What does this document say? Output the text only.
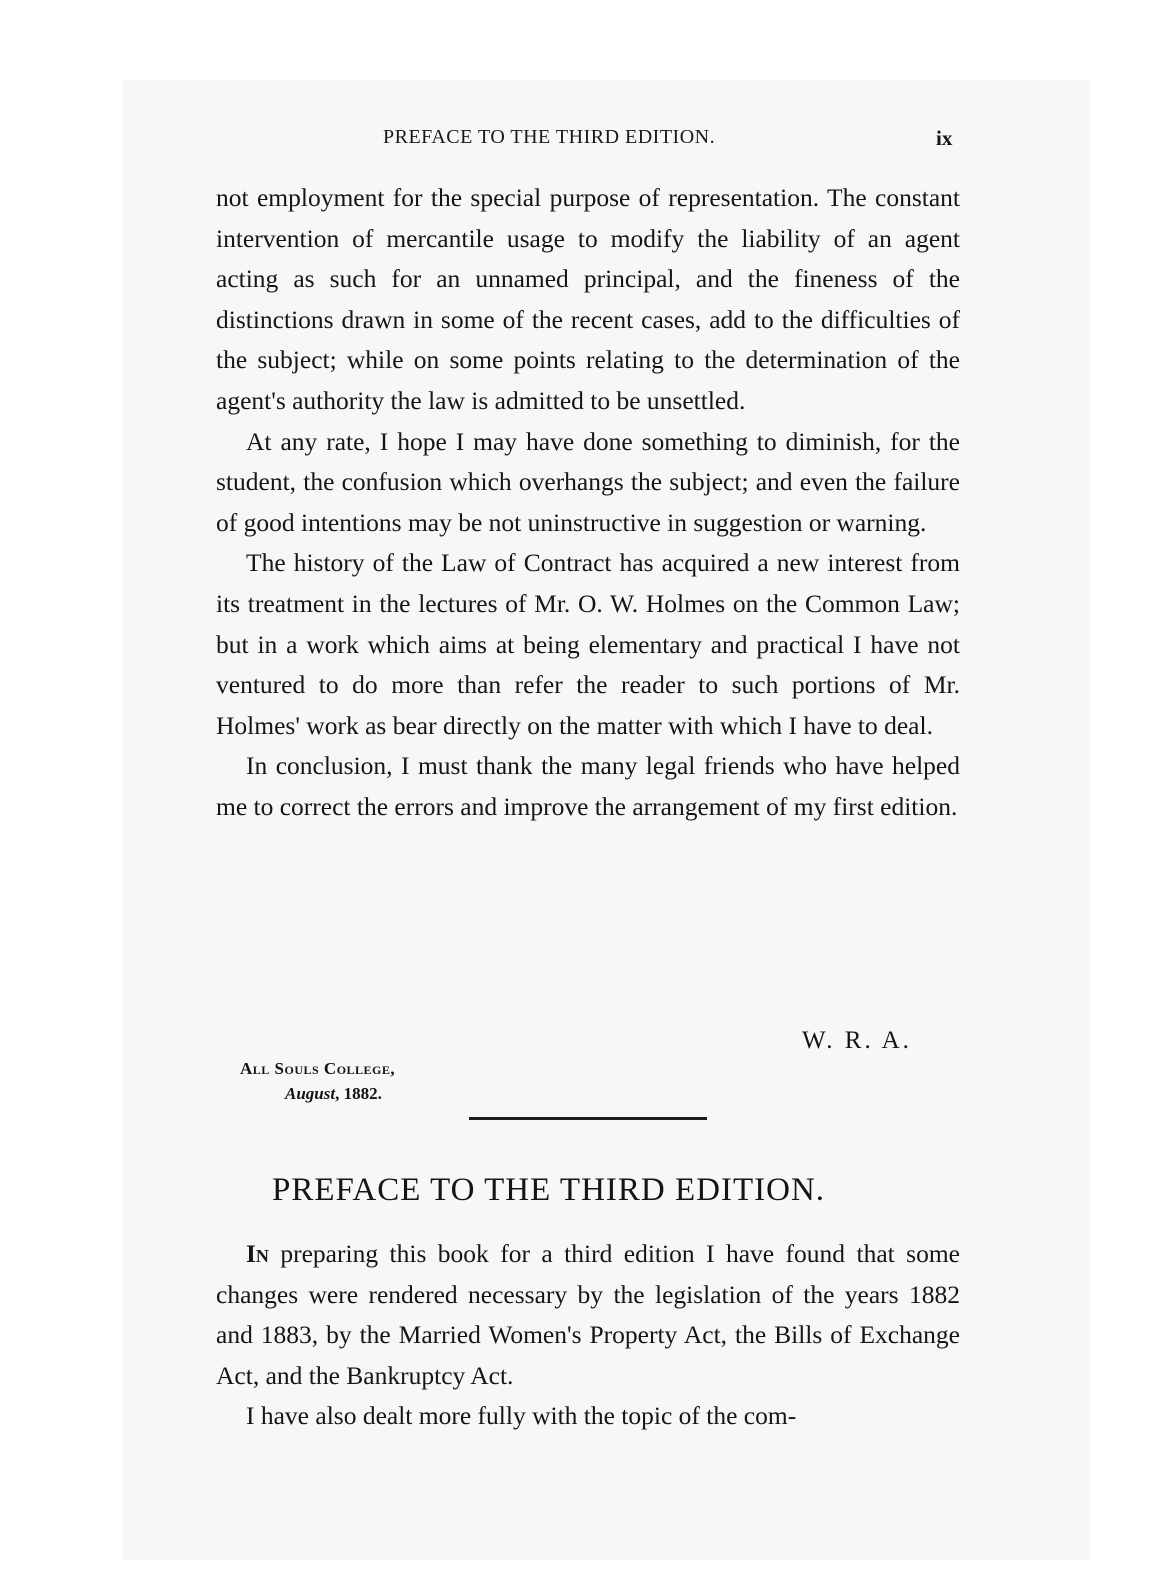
PREFACE TO THE THIRD EDITION.	ix

not employment for the special purpose of representation. The constant intervention of mercantile usage to modify the liability of an agent acting as such for an unnamed principal, and the fineness of the distinctions drawn in some of the recent cases, add to the difficulties of the subject; while on some points relating to the determination of the agent's authority the law is admitted to be unsettled.

At any rate, I hope I may have done something to diminish, for the student, the confusion which overhangs the subject; and even the failure of good intentions may be not uninstructive in suggestion or warning.

The history of the Law of Contract has acquired a new interest from its treatment in the lectures of Mr. O. W. Holmes on the Common Law; but in a work which aims at being elementary and practical I have not ventured to do more than refer the reader to such portions of Mr. Holmes' work as bear directly on the matter with which I have to deal.

In conclusion, I must thank the many legal friends who have helped me to correct the errors and improve the arrangement of my first edition.

W. R. A.
All Souls College,
August, 1882.
PREFACE TO THE THIRD EDITION.

In preparing this book for a third edition I have found that some changes were rendered necessary by the legislation of the years 1882 and 1883, by the Married Women's Property Act, the Bills of Exchange Act, and the Bankruptcy Act.

I have also dealt more fully with the topic of the com-
